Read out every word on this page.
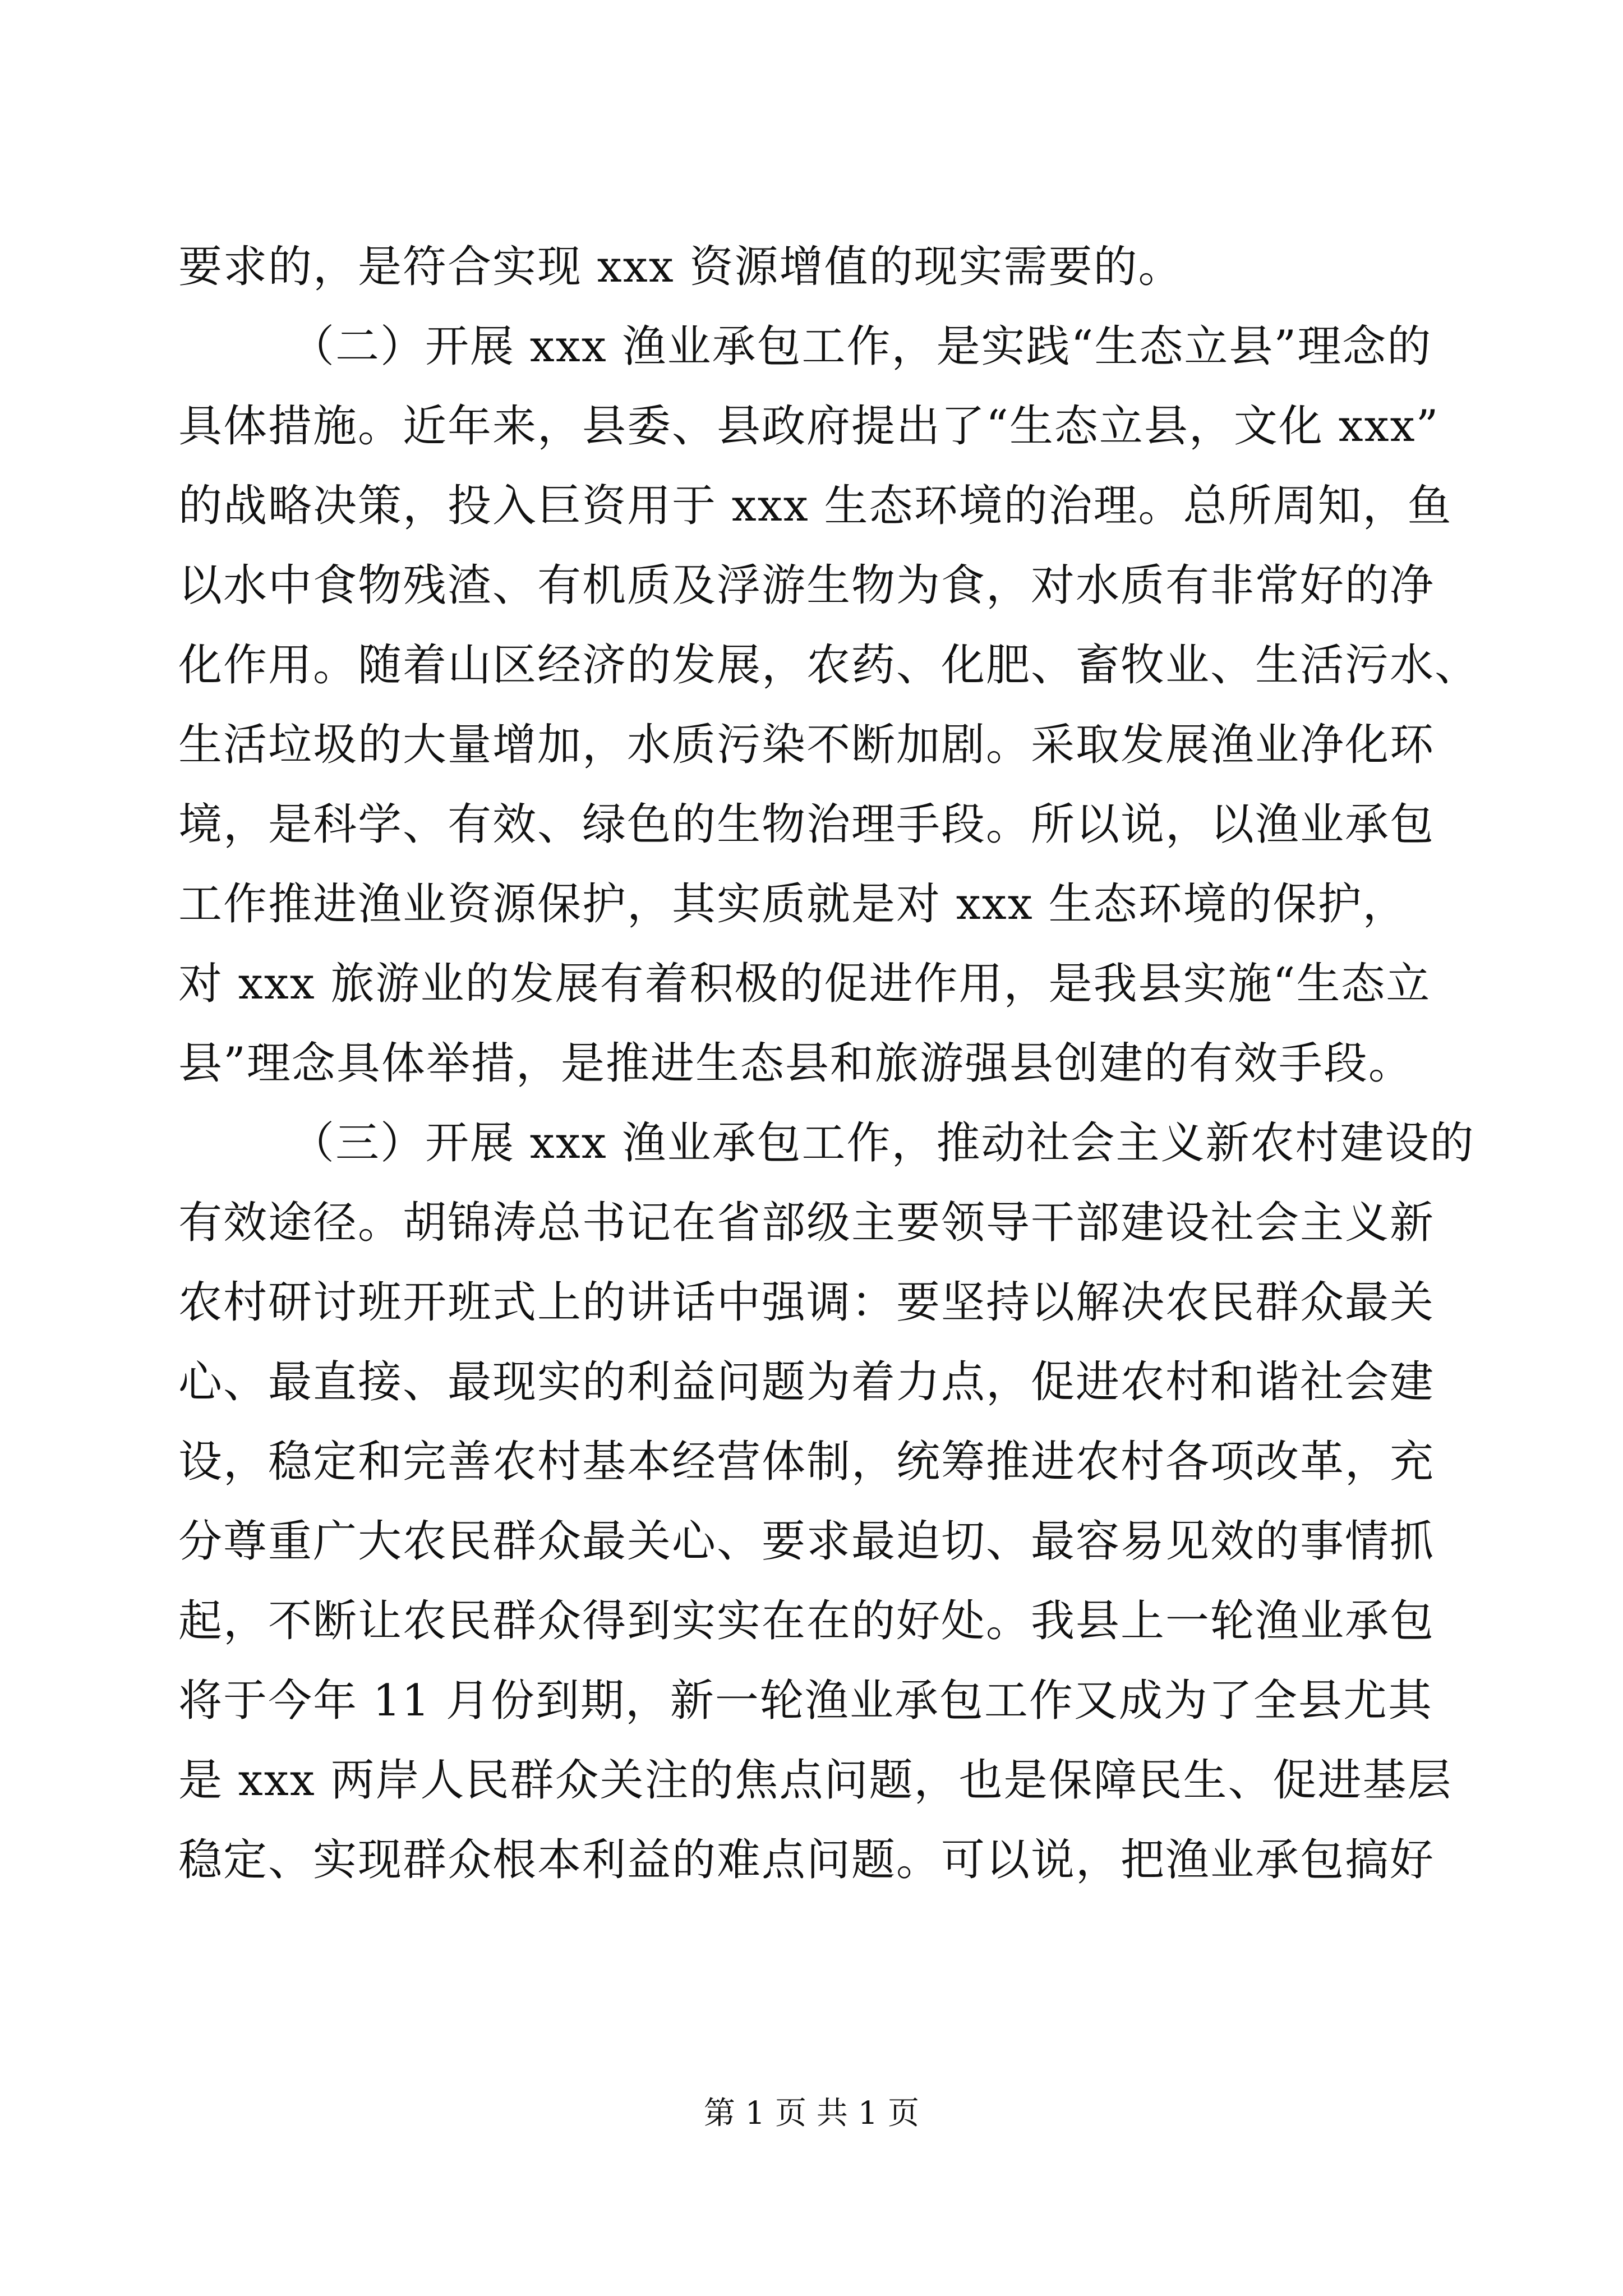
要求的，是符合实现 xxx 资源增值的现实需要的。
（二）开展 xxx 渔业承包工作，是实践“生态立县”理念的
具体措施。近年来，县委、县政府提出了“生态立县，文化 xxx”
的战略决策，投入巨资用于 xxx 生态环境的治理。总所周知，鱼
以水中食物残渣、有机质及浮游生物为食，对水质有非常好的净
化作用。随着山区经济的发展，农药、化肥、畜牧业、生活污水、
生活垃圾的大量增加，水质污染不断加剧。采取发展渔业净化环
境，是科学、有效、绿色的生物治理手段。所以说，以渔业承包
工作推进渔业资源保护，其实质就是对 xxx 生态环境的保护，
对 xxx 旅游业的发展有着积极的促进作用，是我县实施“生态立
县”理念具体举措，是推进生态县和旅游强县创建的有效手段。
（三）开展 xxx 渔业承包工作，推动社会主义新农村建设的
有效途径。胡锦涛总书记在省部级主要领导干部建设社会主义新
农村研讨班开班式上的讲话中强调：要坚持以解决农民群众最关
心、最直接、最现实的利益问题为着力点，促进农村和谐社会建
设，稳定和完善农村基本经营体制，统筹推进农村各项改革，充
分尊重广大农民群众最关心、要求最迫切、最容易见效的事情抓
起，不断让农民群众得到实实在在的好处。我县上一轮渔业承包
将于今年 11 月份到期，新一轮渔业承包工作又成为了全县尤其
是 xxx 两岸人民群众关注的焦点问题，也是保障民生、促进基层
稳定、实现群众根本利益的难点问题。可以说，把渔业承包搞好
第 1 页 共 1 页
